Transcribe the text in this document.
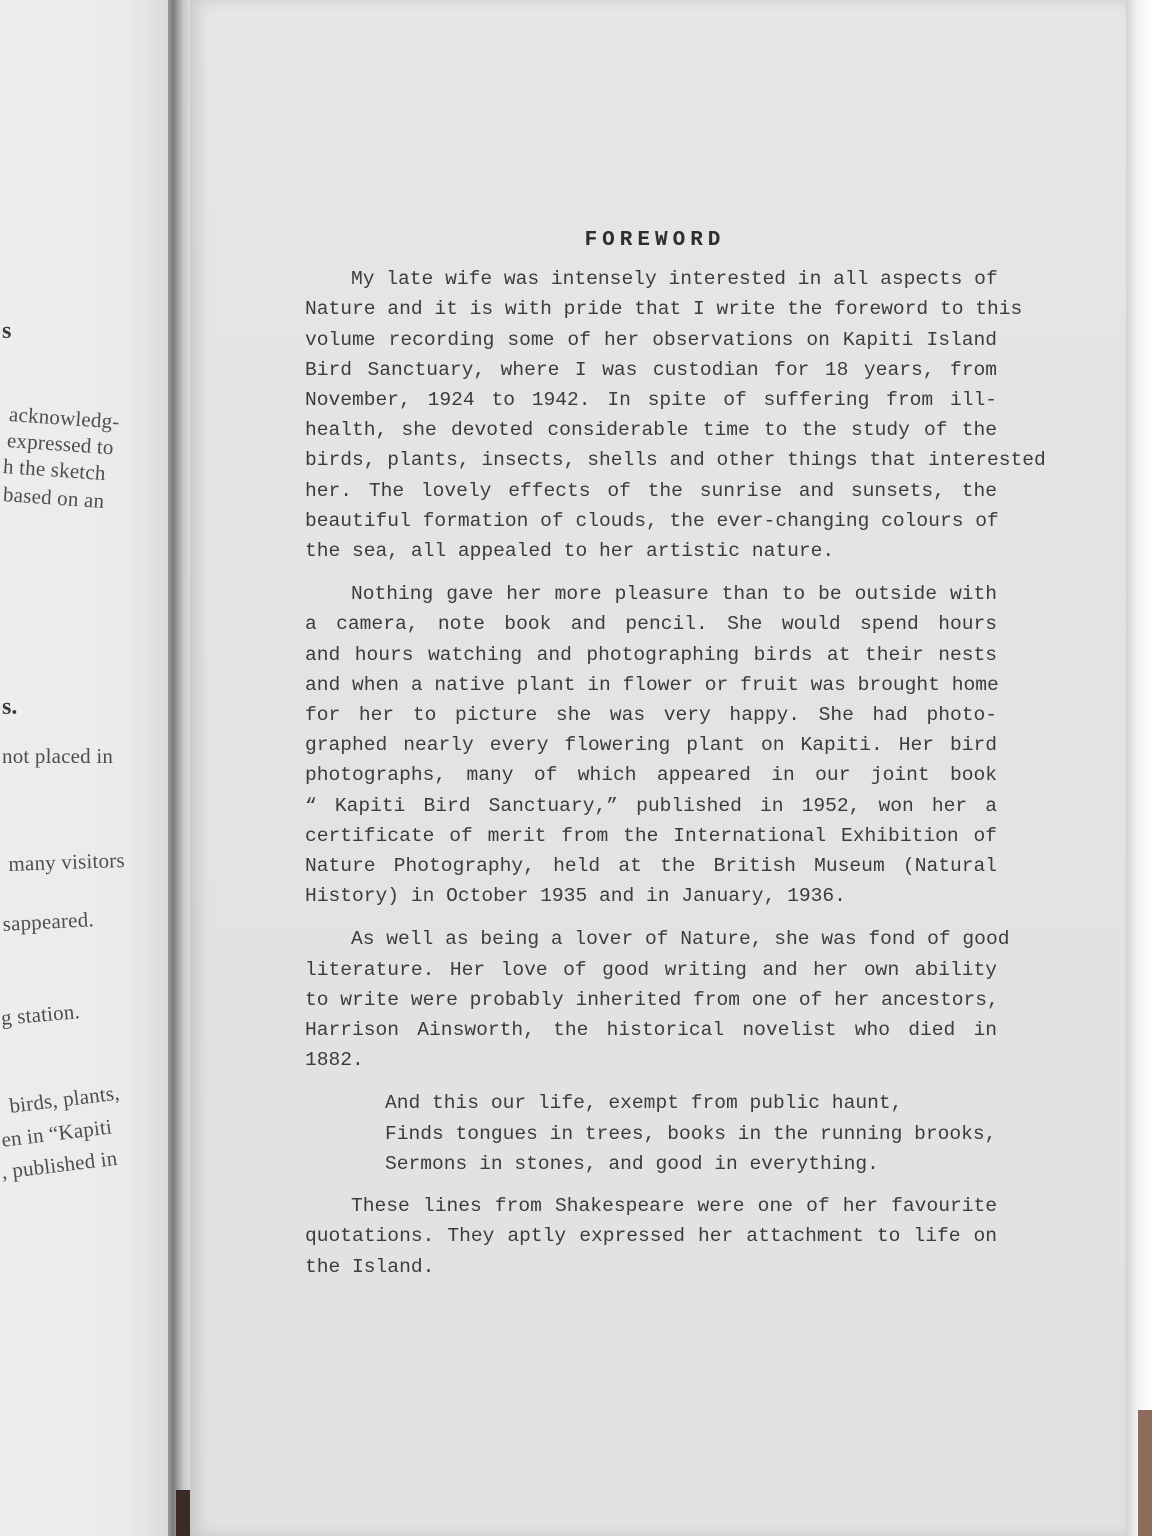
s
acknowledg-
expressed to
h the sketch
based on an
s.
not placed in
many visitors
sappeared.
g station.
birds, plants,
en in “Kapiti
, published in
FOREWORD
My late wife was intensely interested in all aspects of
Nature and it is with pride that I write the foreword to this
volume recording some of her observations on Kapiti Island
Bird Sanctuary, where I was custodian for 18 years, from
November, 1924 to 1942. In spite of suffering from ill-
health, she devoted considerable time to the study of the
birds, plants, insects, shells and other things that interested
her. The lovely effects of the sunrise and sunsets, the
beautiful formation of clouds, the ever-changing colours of
the sea, all appealed to her artistic nature.
Nothing gave her more pleasure than to be outside with
a camera, note book and pencil. She would spend hours
and hours watching and photographing birds at their nests
and when a native plant in flower or fruit was brought home
for her to picture she was very happy. She had photo-
graphed nearly every flowering plant on Kapiti. Her bird
photographs, many of which appeared in our joint book
“ Kapiti Bird Sanctuary,” published in 1952, won her a
certificate of merit from the International Exhibition of
Nature Photography, held at the British Museum (Natural
History) in October 1935 and in January, 1936.
As well as being a lover of Nature, she was fond of good
literature. Her love of good writing and her own ability
to write were probably inherited from one of her ancestors,
Harrison Ainsworth, the historical novelist who died in
1882.
And this our life, exempt from public haunt,
Finds tongues in trees, books in the running brooks,
Sermons in stones, and good in everything.
These lines from Shakespeare were one of her favourite
quotations. They aptly expressed her attachment to life on
the Island.
